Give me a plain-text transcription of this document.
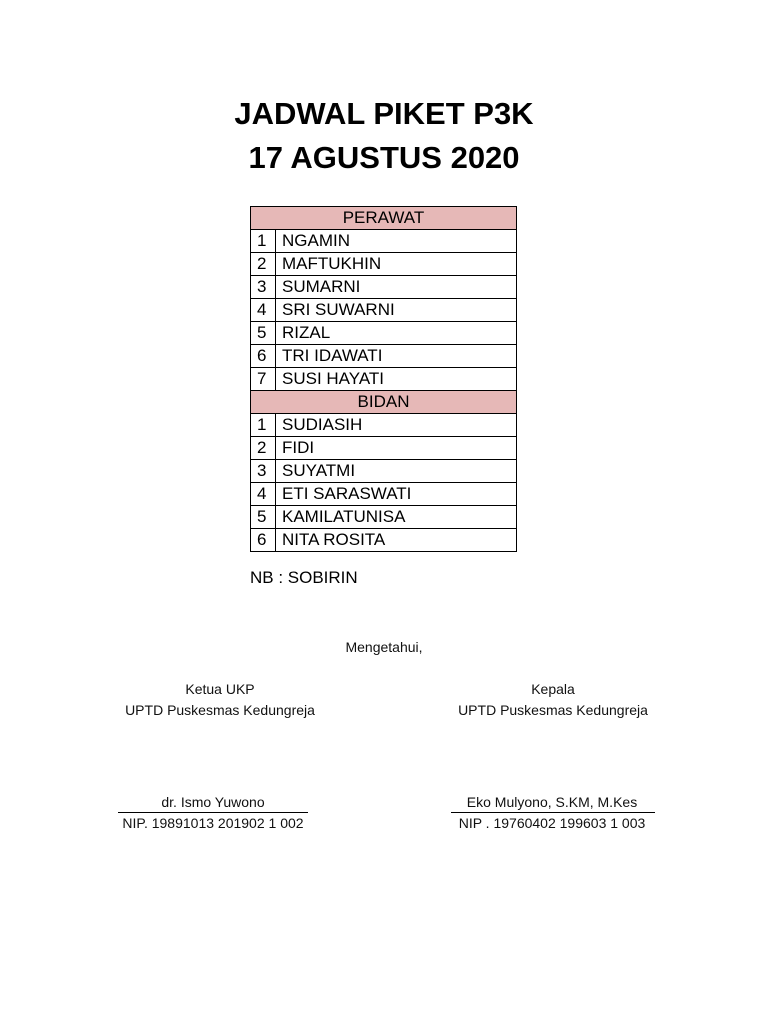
JADWAL PIKET P3K
17 AGUSTUS 2020
PERAWAT	
1	NGAMIN
2	MAFTUKHIN
3	SUMARNI
4	SRI SUWARNI
5	RIZAL
6	TRI IDAWATI
7	SUSI HAYATI
BIDAN	
1	SUDIASIH
2	FIDI
3	SUYATMI
4	ETI SARASWATI
5	KAMILATUNISA
6	NITA ROSITA
NB : SOBIRIN
Mengetahui,
Ketua UKP
UPTD Puskesmas Kedungreja
dr. Ismo Yuwono
NIP. 19891013 201902 1 002
Kepala
UPTD Puskesmas Kedungreja
Eko Mulyono, S.KM, M.Kes
NIP . 19760402 199603 1 003
